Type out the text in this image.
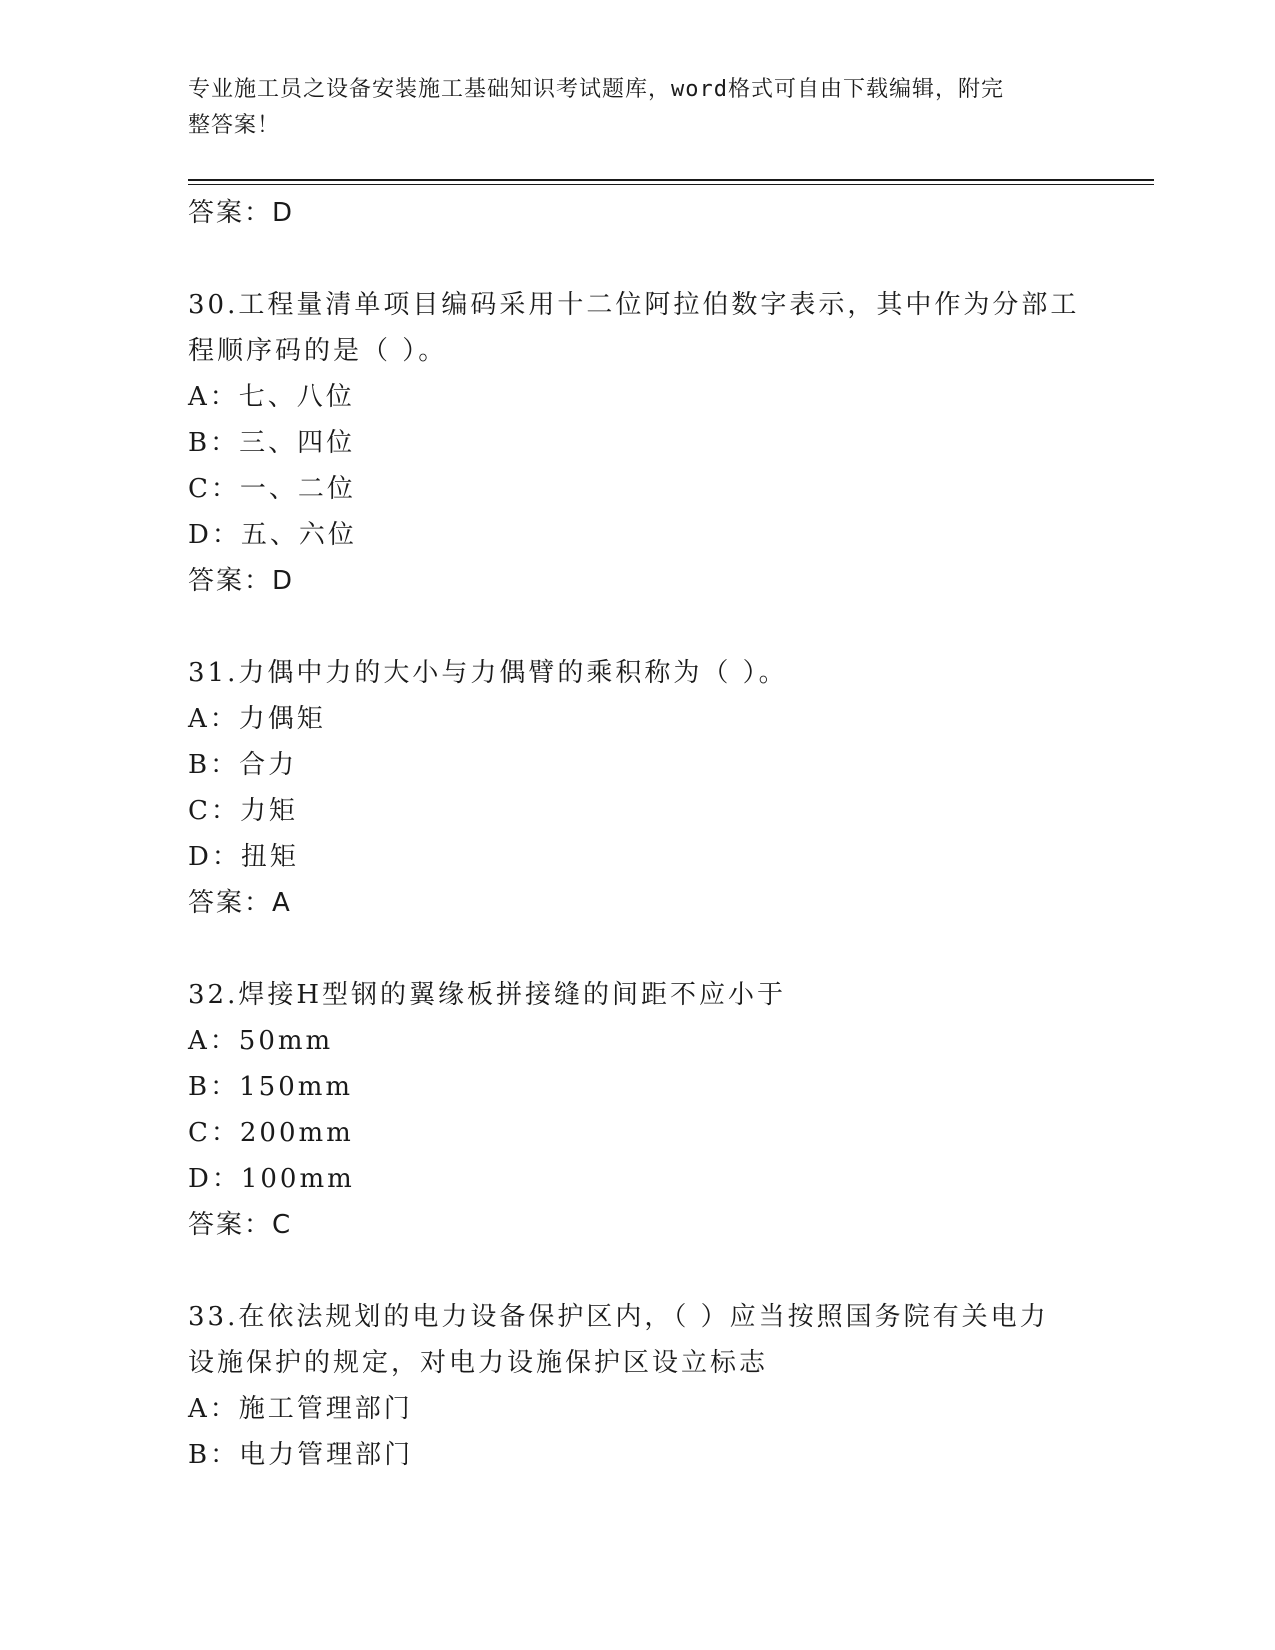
专业施工员之设备安装施工基础知识考试题库，word格式可自由下载编辑，附完
整答案！
答案：D
30.工程量清单项目编码采用十二位阿拉伯数字表示，其中作为分部工
程顺序码的是（ ）。
A：七、八位
B：三、四位
C：一、二位
D：五、六位
答案：D
31.力偶中力的大小与力偶臂的乘积称为（ ）。
A：力偶矩
B：合力
C：力矩
D：扭矩
答案：A
32.焊接H型钢的翼缘板拼接缝的间距不应小于
A：50mm
B：150mm
C：200mm
D：100mm
答案：C
33.在依法规划的电力设备保护区内，（ ）应当按照国务院有关电力
设施保护的规定，对电力设施保护区设立标志
A：施工管理部门
B：电力管理部门
